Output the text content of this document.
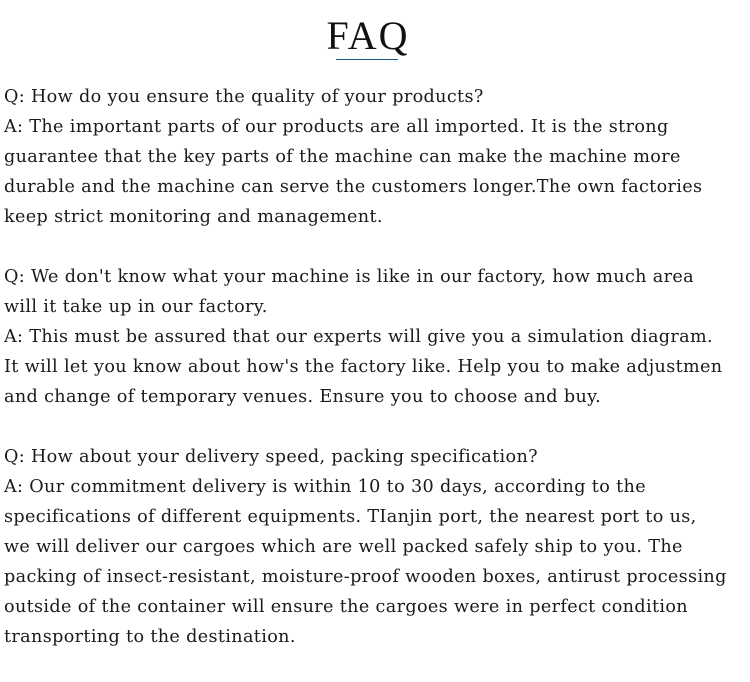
FAQ
Q: How do you ensure the quality of your products?
A: The important parts of our products are all imported. It is the strong
guarantee that the key parts of the machine can make the machine more
durable and the machine can serve the customers longer.The own factories
keep strict monitoring and management.
Q: We don't know what your machine is like in our factory, how much area
will it take up in our factory.
A: This must be assured that our experts will give you a simulation diagram.
It will let you know about how's the factory like. Help you to make adjustmen
and change of temporary venues. Ensure you to choose and buy.
Q: How about your delivery speed, packing specification?
A: Our commitment delivery is within 10 to 30 days, according to the
specifications of different equipments. TIanjin port, the nearest port to us,
we will deliver our cargoes which are well packed safely ship to you. The
packing of insect-resistant, moisture-proof wooden boxes, antirust processing
outside of the container will ensure the cargoes were in perfect condition
transporting to the destination.
